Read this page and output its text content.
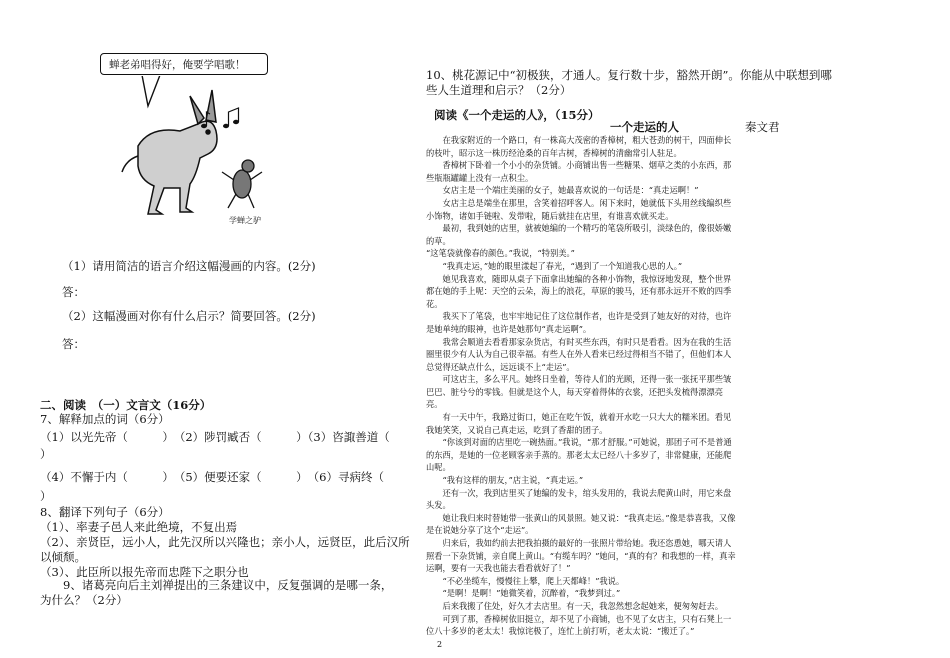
蝉老弟唱得好，俺要学唱歌！
学蝉之驴
（1）请用简洁的语言介绍这幅漫画的内容。(2分)
答：
（2）这幅漫画对你有什么启示？简要回答。(2分)
答：
二、阅读　（一）文言文（16分）
7、解释加点的词（6分）
（1）以光先帝（　　　）　（2）陟罚臧否（　　　）（3）咨諏善道（
）
（4）不懈于内（　　　）　（5）便要还家（　　　）　（6）寻病终（
）
8、翻译下列句子（6分）
（1）、率妻子邑人来此绝境，不复出焉
（2）、亲贤臣，远小人，此先汉所以兴隆也；亲小人，远贤臣，此后汉所
以倾颓。
（3）、此臣所以报先帝而忠陛下之职分也
　　9、诸葛亮向后主刘禅提出的三条建议中，反复强调的是哪一条，
为什么？（2分）
10、桃花源记中“初极狭，才通人。复行数十步，豁然开朗”。你能从中联想到哪
些人生道理和启示？（2分）
阅读《一个走运的人》，（15分）
一个走运的人	秦文君
在我家附近的一个路口，有一株高大茂密的香樟树，粗大苍劲的树干，四面伸长的枝叶，昭示这一株历经沧桑的百年古树，香樟树的清幽常引人驻足。
香樟树下卧着一个小小的杂货铺。小商铺出售一些糖果、烟草之类的小东西，那些瓶瓶罐罐上没有一点积尘。
女店主是一个端庄美丽的女子，她最喜欢说的一句话是：“真走运啊！”
女店主总是端坐在那里，含笑着招呼客人。闲下来时，她就低下头用丝线编织些小饰物，诸如手链啦、发带啦，随后就挂在店里，有谁喜欢就买走。
最初，我到她的店里，就被她编的一个精巧的笔袋所吸引，淡绿色的，像很娇嫩的草。
“这笔袋就像春的颜色。”我说，“特别美。”
“我真走运，”她的眼里漾起了春光，“遇到了一个知道我心思的人。”
她见我喜欢，随即从桌子下面拿出她编的各种小饰物，我惊讶地发现，整个世界都在她的手上呢：天空的云朵，海上的浪花，草原的骏马，还有那永远开不败的四季花。
我买下了笔袋，也牢牢地记住了这位制作者，也许是受到了她友好的对待，也许是她单纯的眼神，也许是她那句“真走运啊”。
我常会顺道去看看那家杂货店，有时买些东西，有时只是看看。因为在我的生活圈里很少有人认为自己很幸福。有些人在外人看来已经过得相当不错了，但他们本人总觉得还缺点什么，远远谈不上“走运”。
可这店主，多么平凡。她终日坐着，等待人们的光顾，还得一张一张抚平那些皱巴巴、脏兮兮的零钱。但就是这个人，每天穿着得体的衣裳，还把头发梳得漂漂亮亮。
有一天中午，我路过街口，她正在吃午饭，就着开水吃一只大大的糯米团。看见我她笑笑，又说自己真走运，吃到了香甜的团子。
“你该到对面的店里吃一碗热面。”我说，“那才舒服。”可她说，那团子可不是普通的东西，是她的一位老顾客亲手蒸的。那老太太已经八十多岁了，非常健康，还能爬山呢。
“我有这样的朋友，”店主说，“真走运。”
还有一次，我到店里买了她编的发卡，绾头发用的，我说去爬黄山时，用它来盘头发。
她让我归来时替她带一张黄山的风景照。她又说：“我真走运。”像是恭喜我，又像是在说她分享了这个“走运”。
归来后，我如约前去把我拍摄的最好的一张照片带给她。我还恣恿她，哪天请人照看一下杂货铺，亲自爬上黄山。“有缆车吗？”她问，“真的有？和我想的一样，真幸运啊，要有一天我也能去看看就好了！”
“不必坐缆车，慢慢往上攀，爬上天都峰！”我说。
“是啊！是啊！”她微笑着，沉醉着，“我梦到过。”
后来我搬了住处，好久才去店里。有一天，我忽然想念起她来，便匆匆赶去。
可到了那，香樟树依旧挺立，却不见了小商铺，也不见了女店主，只有石凳上一位八十多岁的老太太！我惊诧极了，连忙上前打听，老太太说：“搬迁了。”
2
